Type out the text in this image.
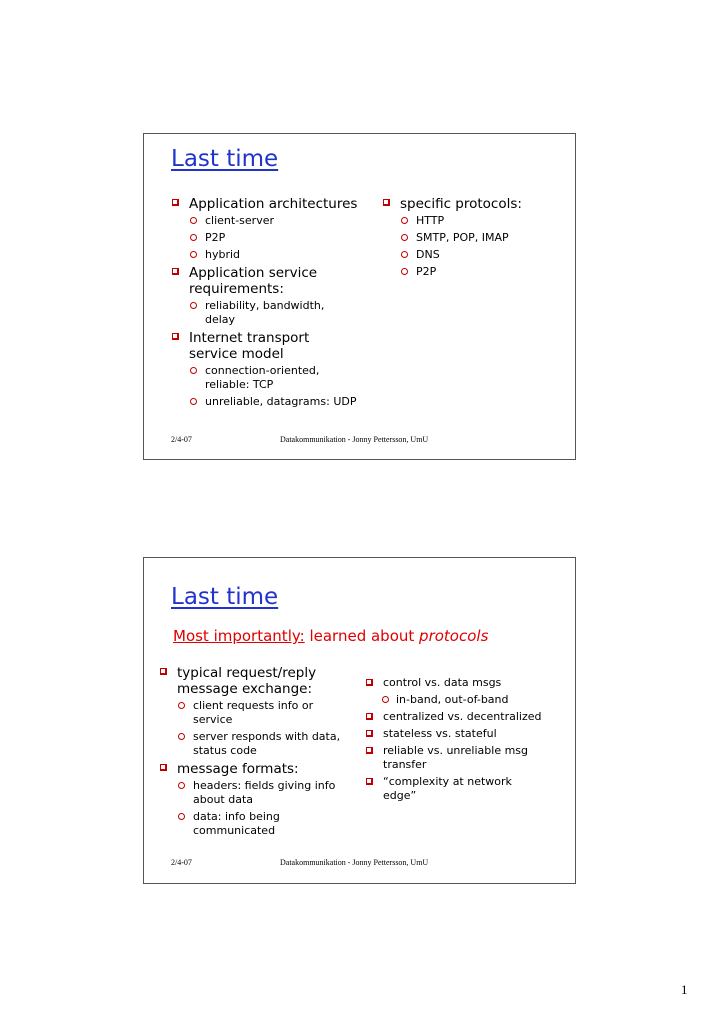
Last time
Application architectures
client-server
P2P
hybrid
Application service requirements:
reliability, bandwidth, delay
Internet transport service model
connection-oriented, reliable: TCP
unreliable, datagrams: UDP
specific protocols:
HTTP
SMTP, POP, IMAP
DNS
P2P
2/4-07	Datakommunikation - Jonny Pettersson, UmU
Last time
Most importantly: learned about protocols
typical request/reply message exchange:
client requests info or service
server responds with data, status code
message formats:
headers: fields giving info about data
data: info being communicated
control vs. data msgs
in-band, out-of-band
centralized vs. decentralized
stateless vs. stateful
reliable vs. unreliable msg transfer
“complexity at network edge”
2/4-07	Datakommunikation - Jonny Pettersson, UmU
1
